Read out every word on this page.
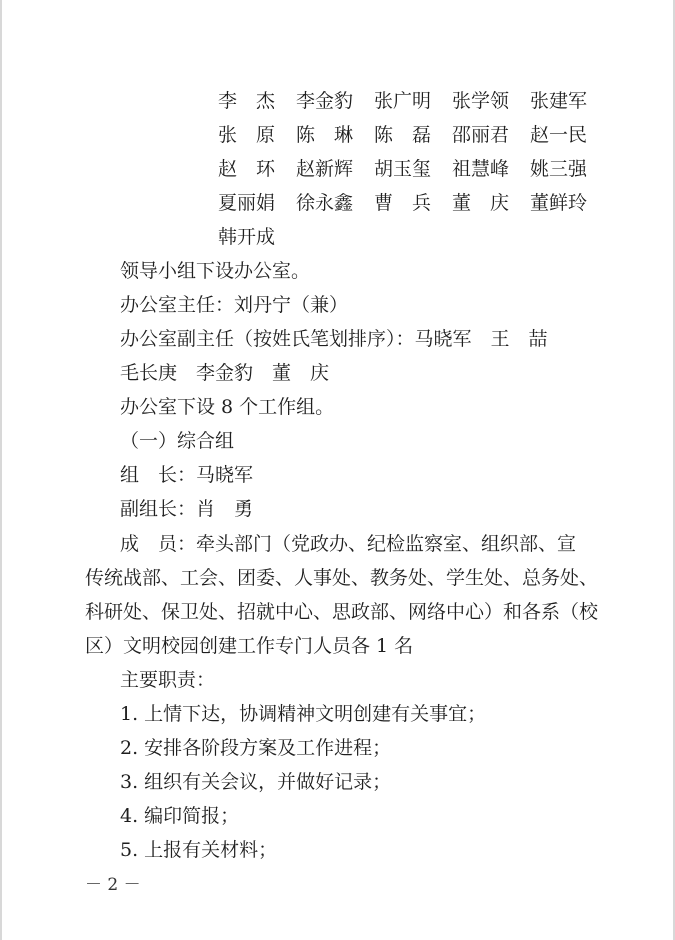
李　杰 李金豹 张广明 张学领 张建军
张　原 陈　琳 陈　磊 邵丽君 赵一民
赵　环 赵新辉 胡玉玺 祖慧峰 姚三强
夏丽娟 徐永鑫 曹　兵 董　庆 董鲜玲
韩开成
领导小组下设办公室。
办公室主任：刘丹宁（兼）
办公室副主任（按姓氏笔划排序）：马晓军　王　喆
毛长庚　李金豹　董　庆
办公室下设 8 个工作组。
（一）综合组
组　长：马晓军
副组长：肖　勇
成　员：牵头部门（党政办、纪检监察室、组织部、宣
传统战部、工会、团委、人事处、教务处、学生处、总务处、
科研处、保卫处、招就中心、思政部、网络中心）和各系（校
区）文明校园创建工作专门人员各 1 名
主要职责：
1. 上情下达，协调精神文明创建有关事宜；
2. 安排各阶段方案及工作进程；
3. 组织有关会议，并做好记录；
4. 编印简报；
5. 上报有关材料；
－ 2 －
